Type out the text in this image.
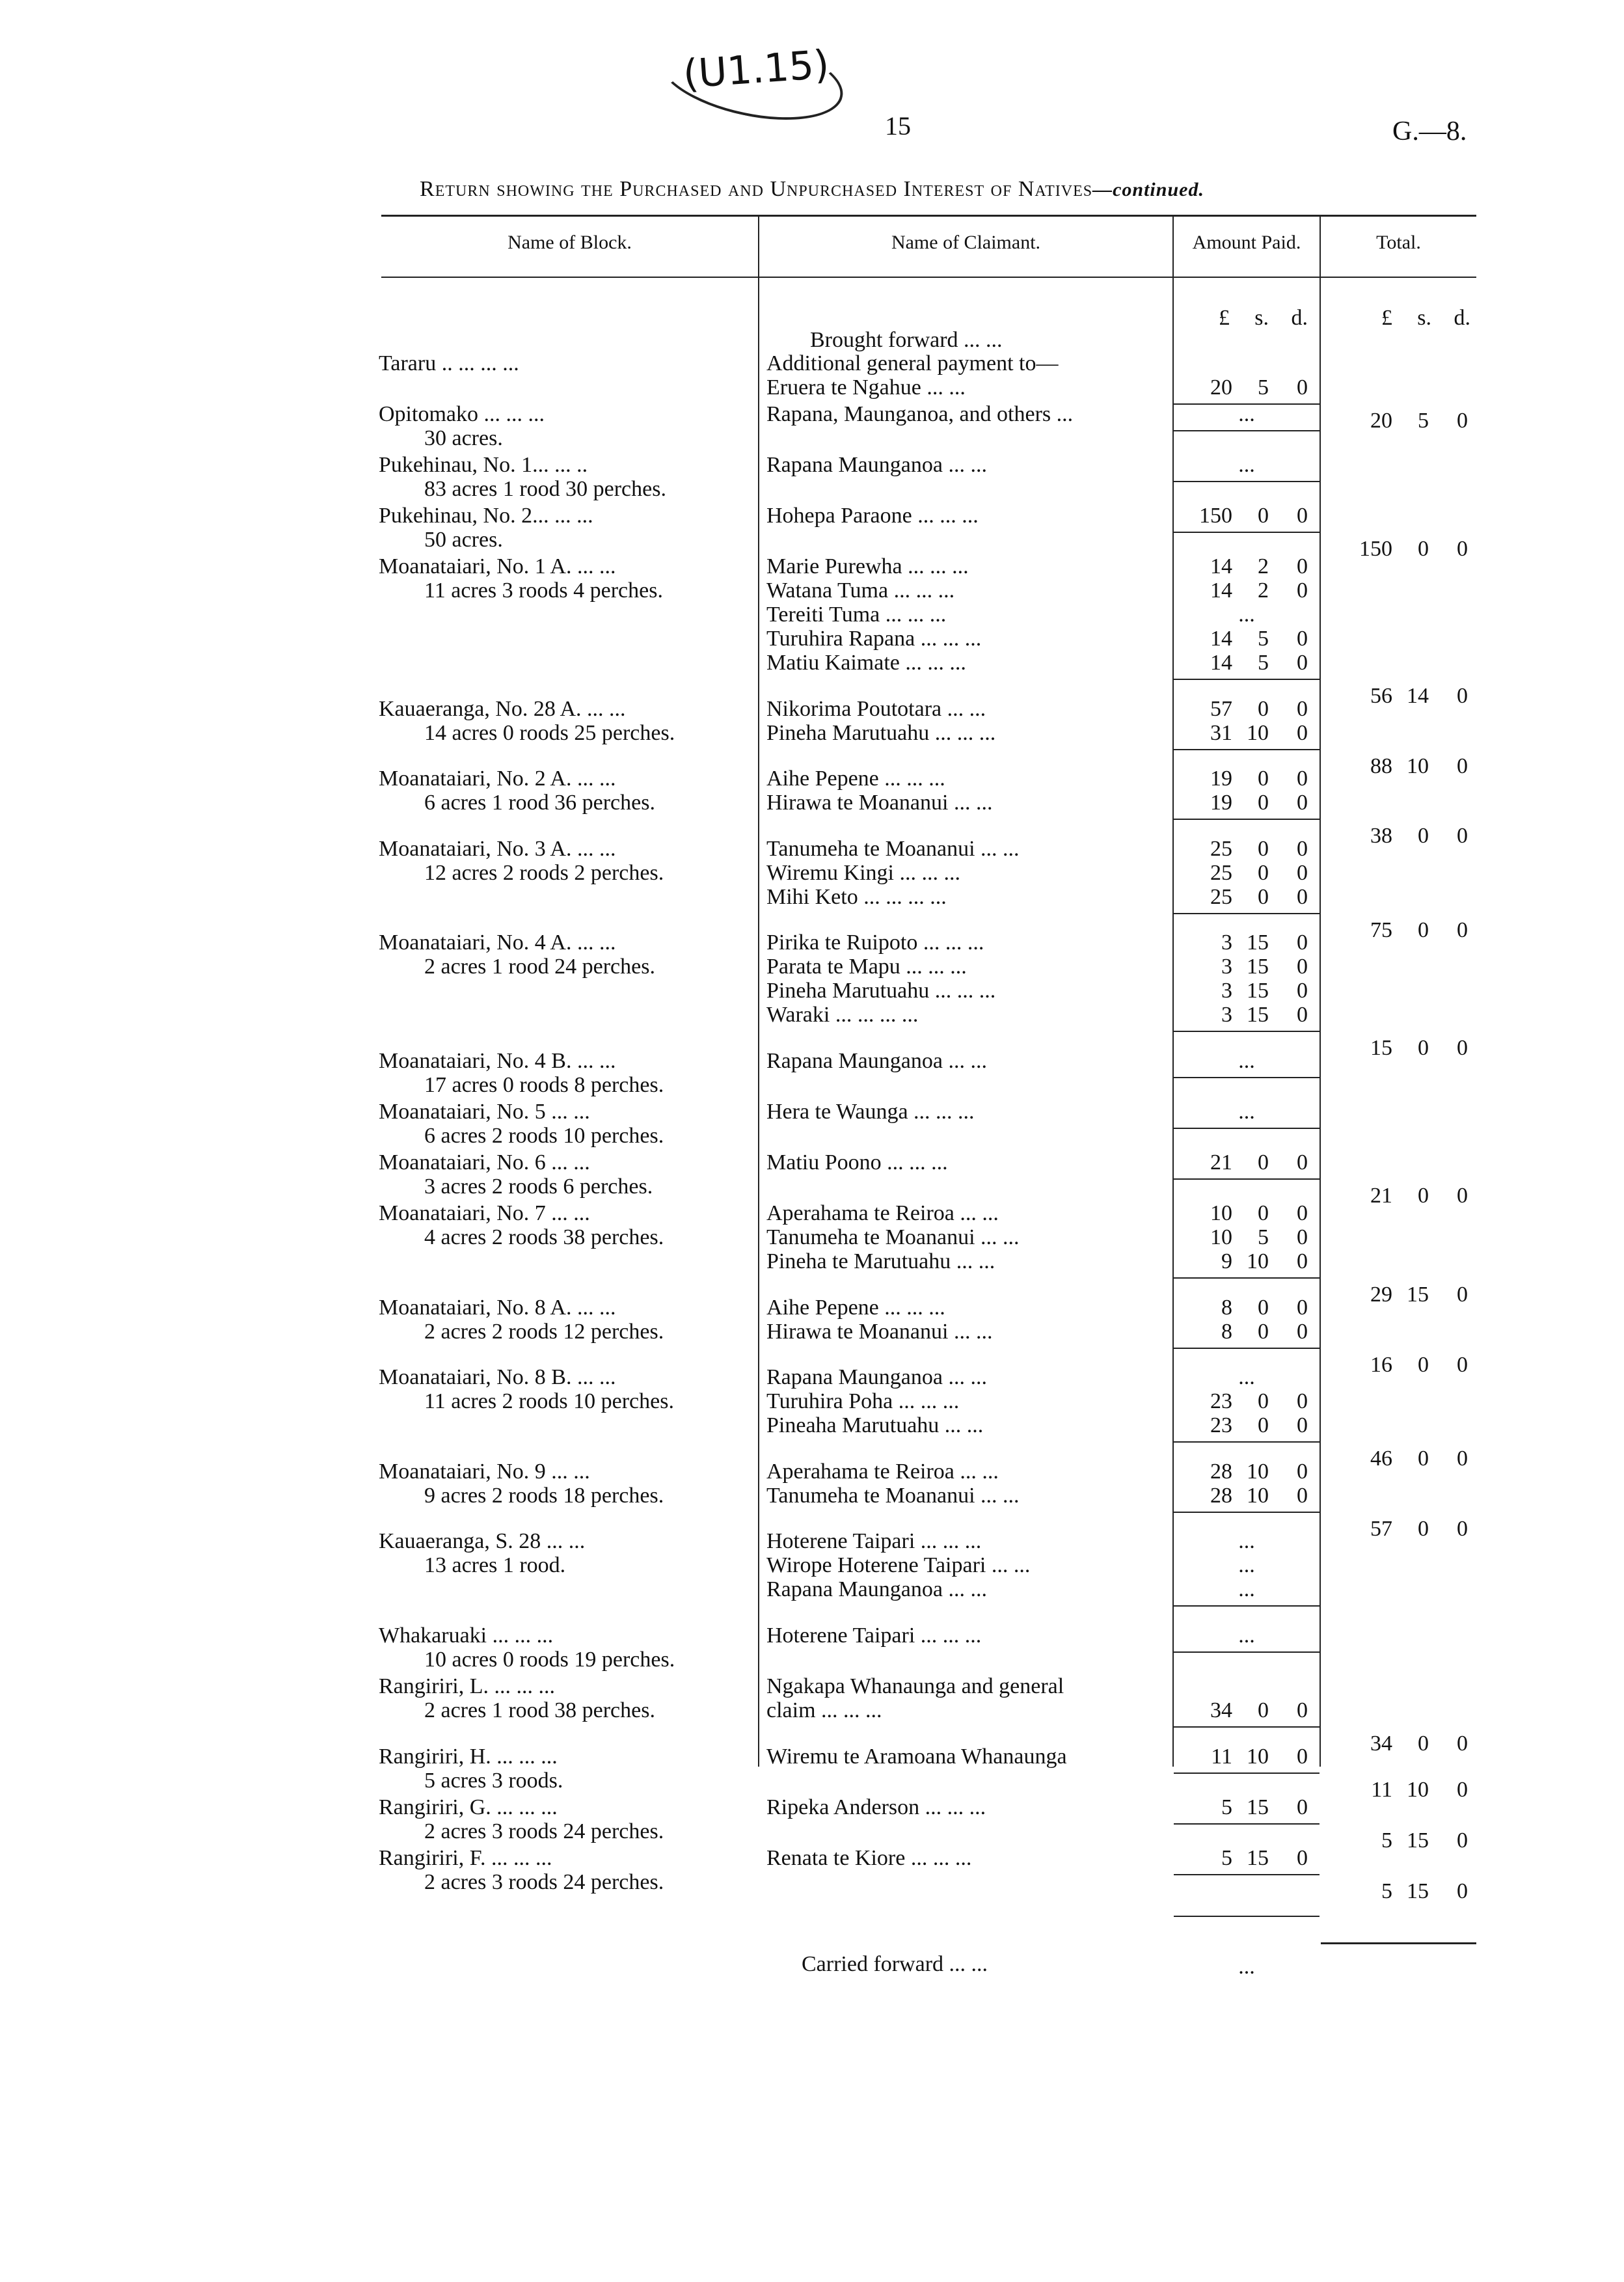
(U1.15)
15	G.—8.
Return showing the Purchased and Unpurchased Interest of Natives—continued.
Name of Block.	Name of Claimant.	Amount Paid.	Total.
£	s.	d.	£	s.	d.
Brought forward ... ...
Tararu .. ... ... ...	Additional general payment to—
Eruera te Ngahue ... ...	20	5	0
20	5	0
Opitomako ... ... ...
30 acres.
Rapana, Maunganoa, and others ...	...
Pukehinau, No. 1... ... ..
83 acres 1 rood 30 perches.
Rapana Maunganoa ... ...	...
Pukehinau, No. 2... ... ...
50 acres.
Hohepa Paraone ... ... ...	150	0	0
150	0	0
Moanataiari, No. 1 A. ... ...
11 acres 3 roods 4 perches.
Marie Purewha ... ... ...	14	2	0
Watana Tuma ... ... ...	14	2	0
Tereiti Tuma ... ... ...	...
Turuhira Rapana ... ... ...	14	5	0
Matiu Kaimate ... ... ...	14	5	0
56 14	0
Kauaeranga, No. 28 A. ... ...
14 acres 0 roods 25 perches.
Nikorima Poutotara ... ...	57	0	0
Pineha Marutuahu ... ... ...	31 10	0
88 10	0
Moanataiari, No. 2 A. ... ...
6 acres 1 rood 36 perches.
Aihe Pepene ... ... ...	19	0	0
Hirawa te Moananui ... ...	19	0	0
38	0	0
Moanataiari, No. 3 A. ... ...
12 acres 2 roods 2 perches.
Tanumeha te Moananui ... ...	25	0	0
Wiremu Kingi ... ... ...	25	0	0
Mihi Keto ... ... ... ...	25	0	0
75	0	0
Moanataiari, No. 4 A. ... ...
2 acres 1 rood 24 perches.
Pirika te Ruipoto ... ... ...	3 15	0
Parata te Mapu ... ... ...	3 15	0
Pineha Marutuahu ... ... ...	3 15	0
Waraki ... ... ... ...	3 15	0
15	0	0
Moanataiari, No. 4 B. ... ...
17 acres 0 roods 8 perches.
Rapana Maunganoa ... ...	...
Moanataiari, No. 5 ... ...
6 acres 2 roods 10 perches.
Hera te Waunga ... ... ...	...
Moanataiari, No. 6 ... ...
3 acres 2 roods 6 perches.
Matiu Poono ... ... ...	21	0	0
21	0	0
Moanataiari, No. 7 ... ...
4 acres 2 roods 38 perches.
Aperahama te Reiroa ... ...	10	0	0
Tanumeha te Moananui ... ...	10	5	0
Pineha te Marutuahu ... ...	9 10	0
29 15	0
Moanataiari, No. 8 A. ... ...
2 acres 2 roods 12 perches.
Aihe Pepene ... ... ...	8	0	0
Hirawa te Moananui ... ...	8	0	0
16	0	0
Moanataiari, No. 8 B. ... ...
11 acres 2 roods 10 perches.
Rapana Maunganoa ... ...	...
Turuhira Poha ... ... ...	23	0	0
Pineaha Marutuahu ... ...	23	0	0
46	0	0
Moanataiari, No. 9 ... ...
9 acres 2 roods 18 perches.
Aperahama te Reiroa ... ...	28 10	0
Tanumeha te Moananui ... ...	28 10	0
57	0	0
Kauaeranga, S. 28 ... ...
13 acres 1 rood.
Hoterene Taipari ... ... ...	...
Wirope Hoterene Taipari ... ...	...
Rapana Maunganoa ... ...	...
Whakaruaki ... ... ...
10 acres 0 roods 19 perches.
Hoterene Taipari ... ... ...	...
Rangiriri, L. ... ... ...
2 acres 1 rood 38 perches.
Ngakapa Whanaunga and general
claim ... ... ...	34	0	0
34	0	0
Rangiriri, H. ... ... ...
5 acres 3 roods.
Wiremu te Aramoana Whanaunga	11 10	0
11 10	0
Rangiriri, G. ... ... ...
2 acres 3 roods 24 perches.
Ripeka Anderson ... ... ...	5 15	0
5 15	0
Rangiriri, F. ... ... ...
2 acres 3 roods 24 perches.
Renata te Kiore ... ... ...	5 15	0
5 15	0
Carried forward ... ...	...
